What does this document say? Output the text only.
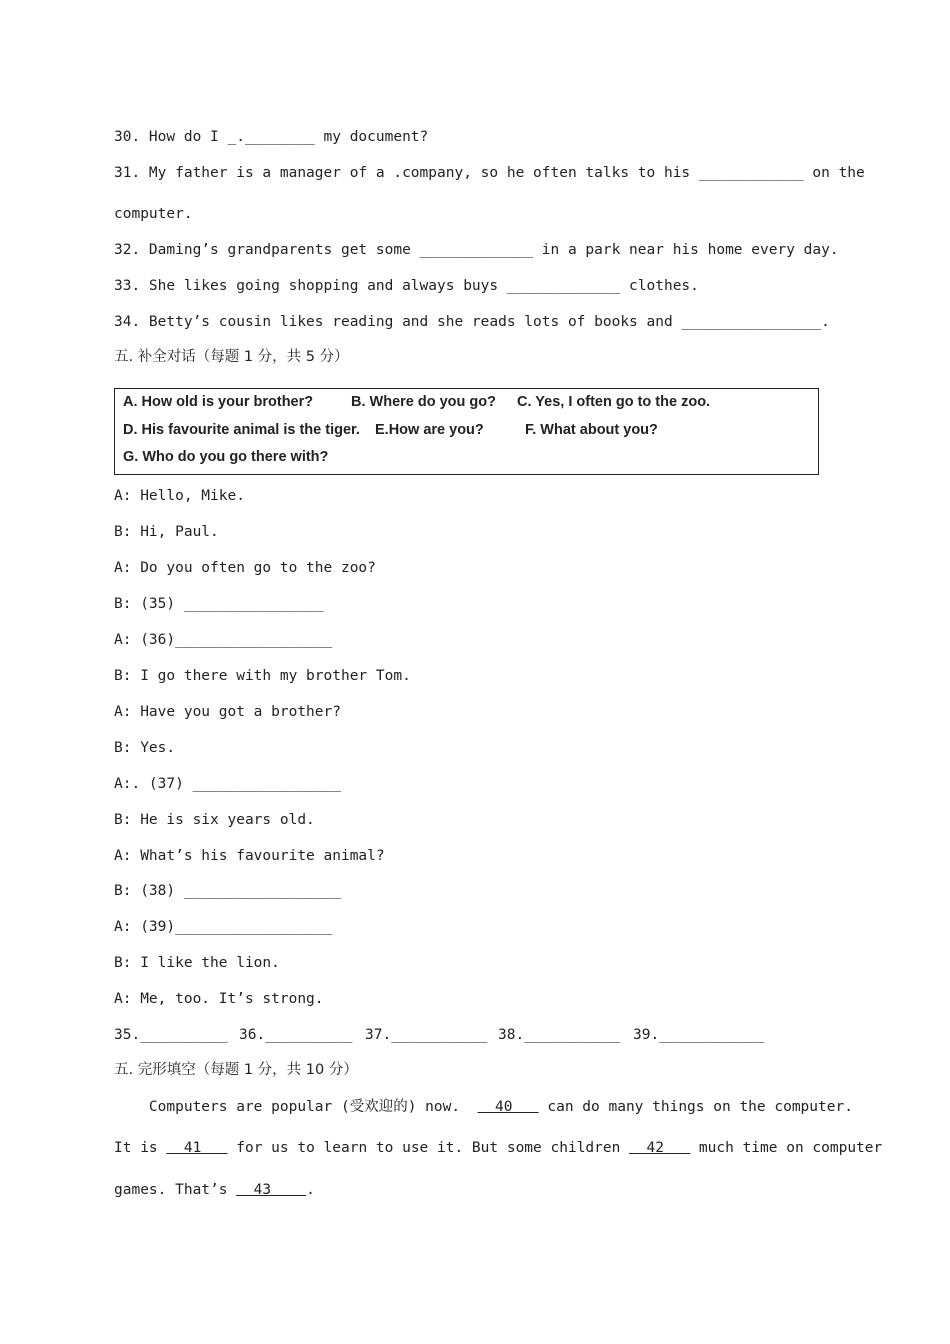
30. How do I _.________ my document?
31. My father is a manager of a .company, so he often talks to his ____________ on the
computer.
32. Daming’s grandparents get some _____________ in a park near his home every day.
33. She likes going shopping and always buys _____________ clothes.
34. Betty’s cousin likes reading and she reads lots of books and ________________.
五. 补全对话（每题 1 分，共 5 分）
A. How old is your brother?	B. Where do you go? C. Yes, I often go to the zoo.
D. His favourite animal is the tiger. E.How are you?	F. What about you?
G. Who do you go there with?
A: Hello, Mike.
B: Hi, Paul.
A: Do you often go to the zoo?
B: (35) ________________
A: (36)__________________
B: I go there with my brother Tom.
A: Have you got a brother?
B: Yes.
A:. (37) _________________
B: He is six years old.
A: What’s his favourite animal?
B: (38) __________________
A: (39)__________________
B: I like the lion.
A: Me, too. It’s strong.
35.__________ 36.__________ 37.___________ 38.___________ 39.____________
五. 完形填空（每题 1 分，共 10 分）
Computers are popular (受欢迎的) now.    40    can do many things on the computer.
It is   41    for us to learn to use it. But some children   42    much time on computer
games. That’s   43    .
